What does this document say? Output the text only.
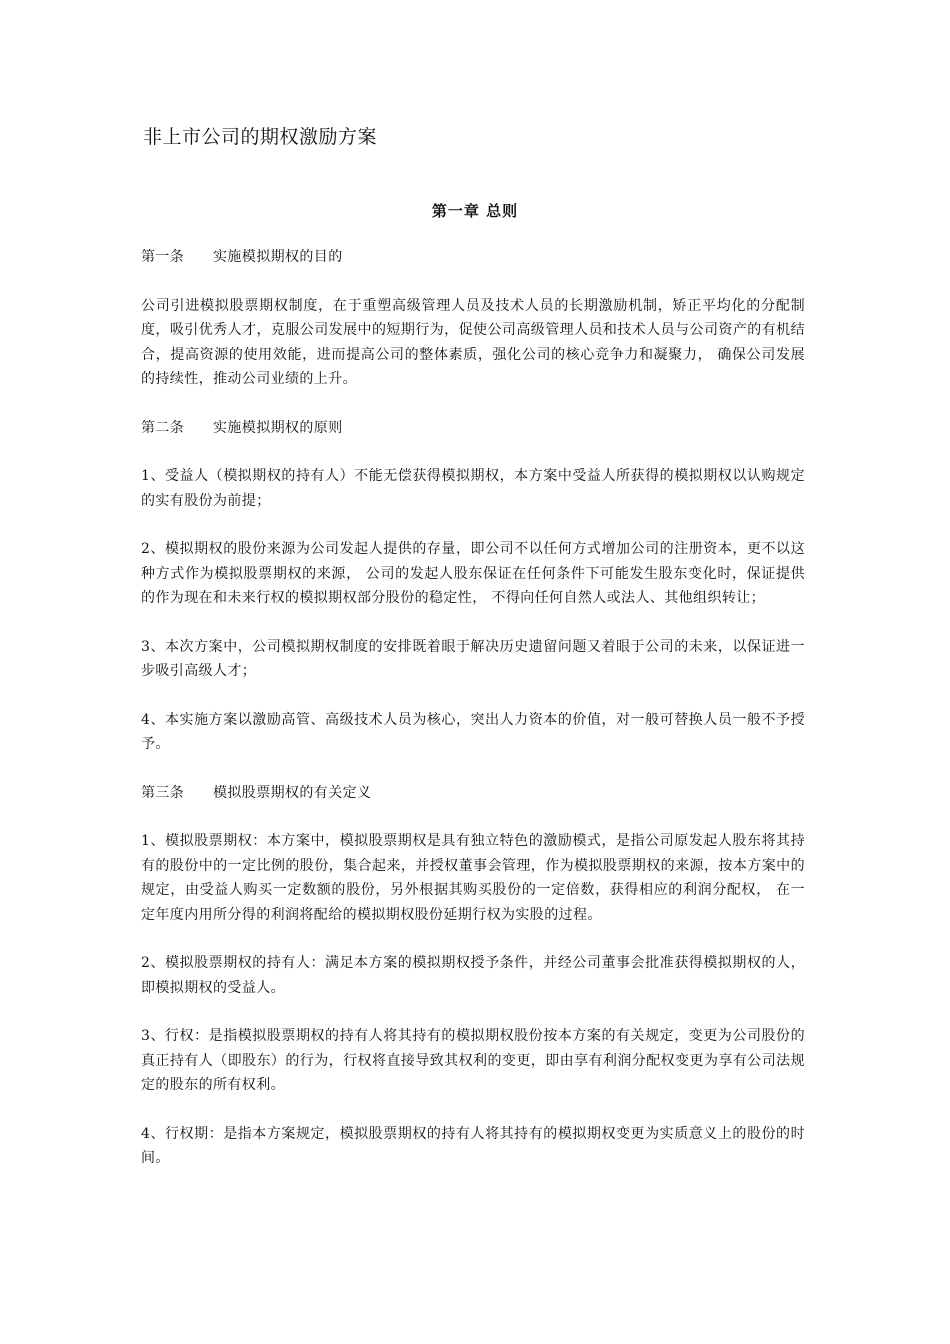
非上市公司的期权激励方案
第一章 总则

第一条 实施模拟期权的目的

公司引进模拟股票期权制度，在于重塑高级管理人员及技术人员的长期激励机制，矫正平均化的分配制度，吸引优秀人才，克服公司发展中的短期行为，促使公司高级管理人员和技术人员与公司资产的有机结合，提高资源的使用效能，进而提高公司的整体素质，强化公司的核心竞争力和凝聚力， 确保公司发展的持续性，推动公司业绩的上升。

第二条 实施模拟期权的原则

1、受益人（模拟期权的持有人）不能无偿获得模拟期权，本方案中受益人所获得的模拟期权以认购规定的实有股份为前提；

2、模拟期权的股份来源为公司发起人提供的存量，即公司不以任何方式增加公司的注册资本，更不以这种方式作为模拟股票期权的来源， 公司的发起人股东保证在任何条件下可能发生股东变化时，保证提供的作为现在和未来行权的模拟期权部分股份的稳定性， 不得向任何自然人或法人、其他组织转让；

3、本次方案中，公司模拟期权制度的安排既着眼于解决历史遗留问题又着眼于公司的未来，以保证进一步吸引高级人才；

4、本实施方案以激励高管、高级技术人员为核心，突出人力资本的价值，对一般可替换人员一般不予授予。

第三条 模拟股票期权的有关定义

1、模拟股票期权：本方案中，模拟股票期权是具有独立特色的激励模式，是指公司原发起人股东将其持有的股份中的一定比例的股份，集合起来，并授权董事会管理，作为模拟股票期权的来源，按本方案中的规定，由受益人购买一定数额的股份，另外根据其购买股份的一定倍数，获得相应的利润分配权， 在一定年度内用所分得的利润将配给的模拟期权股份延期行权为实股的过程。

2、模拟股票期权的持有人：满足本方案的模拟期权授予条件，并经公司董事会批准获得模拟期权的人， 即模拟期权的受益人。

3、行权：是指模拟股票期权的持有人将其持有的模拟期权股份按本方案的有关规定，变更为公司股份的真正持有人（即股东）的行为，行权将直接导致其权利的变更，即由享有利润分配权变更为享有公司法规定的股东的所有权利。

4、行权期：是指本方案规定，模拟股票期权的持有人将其持有的模拟期权变更为实质意义上的股份的时间。
